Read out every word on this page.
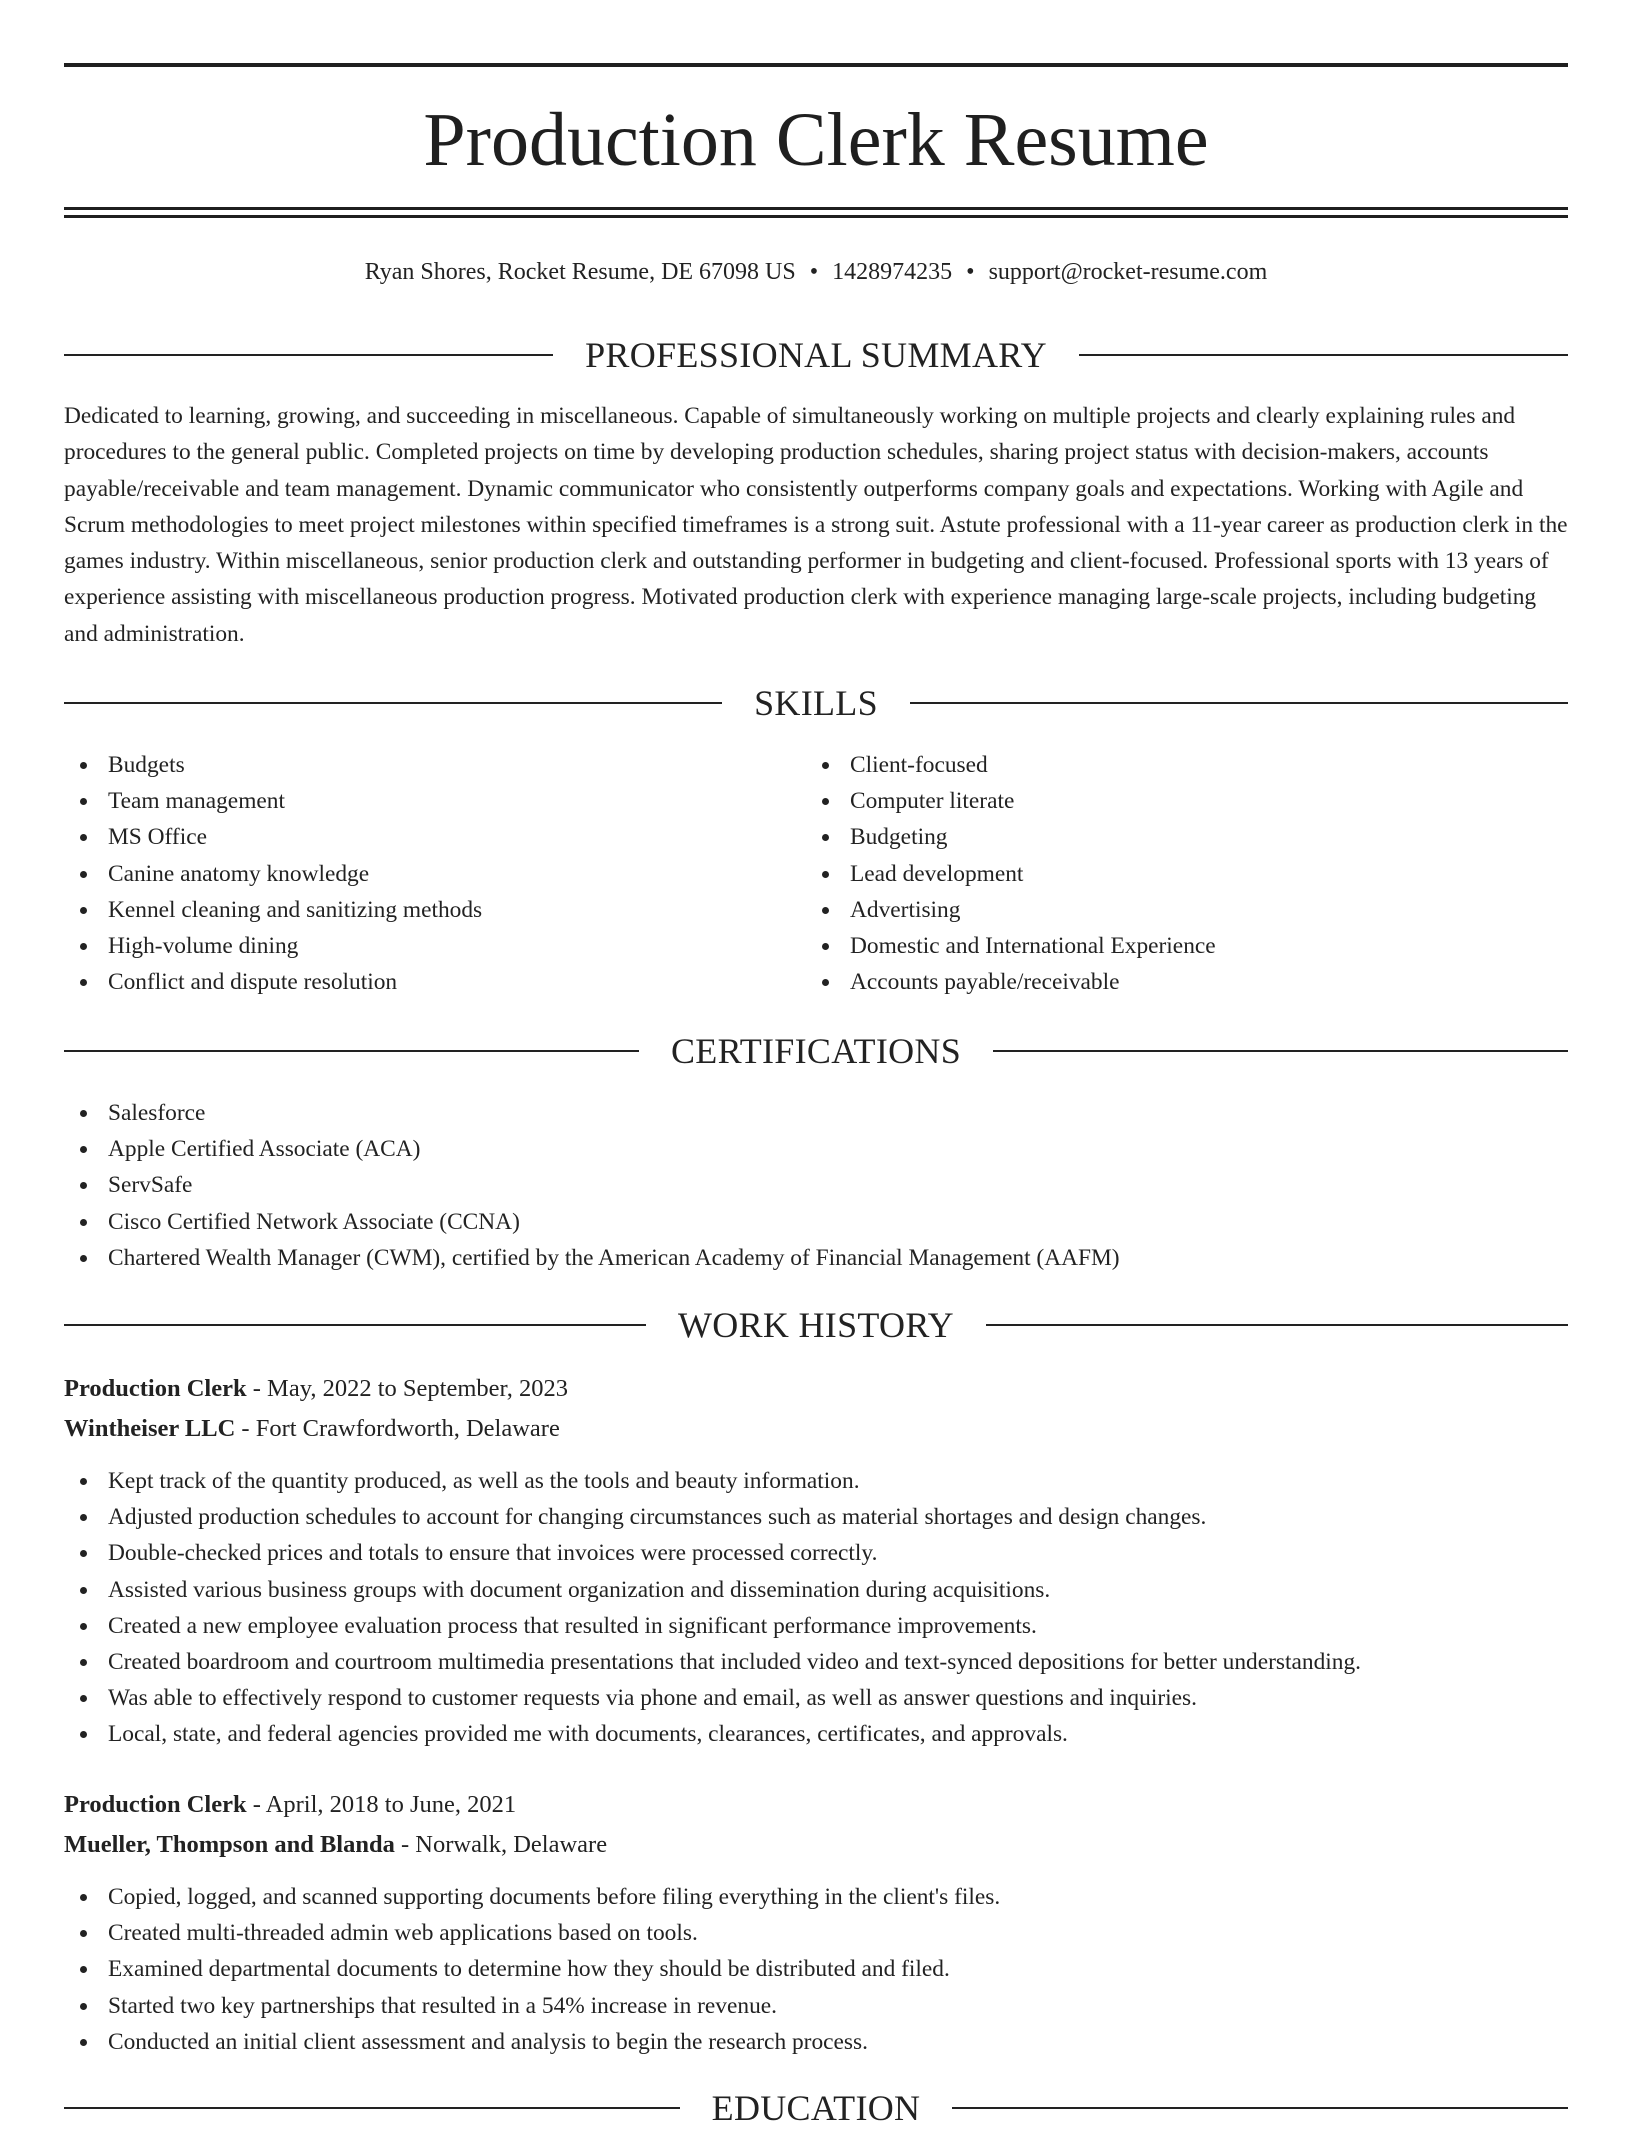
Production Clerk Resume
Ryan Shores, Rocket Resume, DE 67098 US • 1428974235 • support@rocket-resume.com
PROFESSIONAL SUMMARY

Dedicated to learning, growing, and succeeding in miscellaneous. Capable of simultaneously working on multiple projects and clearly explaining rules and procedures to the general public. Completed projects on time by developing production schedules, sharing project status with decision-makers, accounts payable/receivable and team management. Dynamic communicator who consistently outperforms company goals and expectations. Working with Agile and Scrum methodologies to meet project milestones within specified timeframes is a strong suit. Astute professional with a 11-year career as production clerk in the games industry. Within miscellaneous, senior production clerk and outstanding performer in budgeting and client-focused. Professional sports with 13 years of experience assisting with miscellaneous production progress. Motivated production clerk with experience managing large-scale projects, including budgeting and administration.

SKILLS
Budgets
Team management
MS Office
Canine anatomy knowledge
Kennel cleaning and sanitizing methods
High-volume dining
Conflict and dispute resolution
Client-focused
Computer literate
Budgeting
Lead development
Advertising
Domestic and International Experience
Accounts payable/receivable
CERTIFICATIONS
Salesforce
Apple Certified Associate (ACA)
ServSafe
Cisco Certified Network Associate (CCNA)
Chartered Wealth Manager (CWM), certified by the American Academy of Financial Management (AAFM)
WORK HISTORY
Production Clerk - May, 2022 to September, 2023
Wintheiser LLC - Fort Crawfordworth, Delaware
Kept track of the quantity produced, as well as the tools and beauty information.
Adjusted production schedules to account for changing circumstances such as material shortages and design changes.
Double-checked prices and totals to ensure that invoices were processed correctly.
Assisted various business groups with document organization and dissemination during acquisitions.
Created a new employee evaluation process that resulted in significant performance improvements.
Created boardroom and courtroom multimedia presentations that included video and text-synced depositions for better understanding.
Was able to effectively respond to customer requests via phone and email, as well as answer questions and inquiries.
Local, state, and federal agencies provided me with documents, clearances, certificates, and approvals.
Production Clerk - April, 2018 to June, 2021
Mueller, Thompson and Blanda - Norwalk, Delaware
Copied, logged, and scanned supporting documents before filing everything in the client's files.
Created multi-threaded admin web applications based on tools.
Examined departmental documents to determine how they should be distributed and filed.
Started two key partnerships that resulted in a 54% increase in revenue.
Conducted an initial client assessment and analysis to begin the research process.
EDUCATION
